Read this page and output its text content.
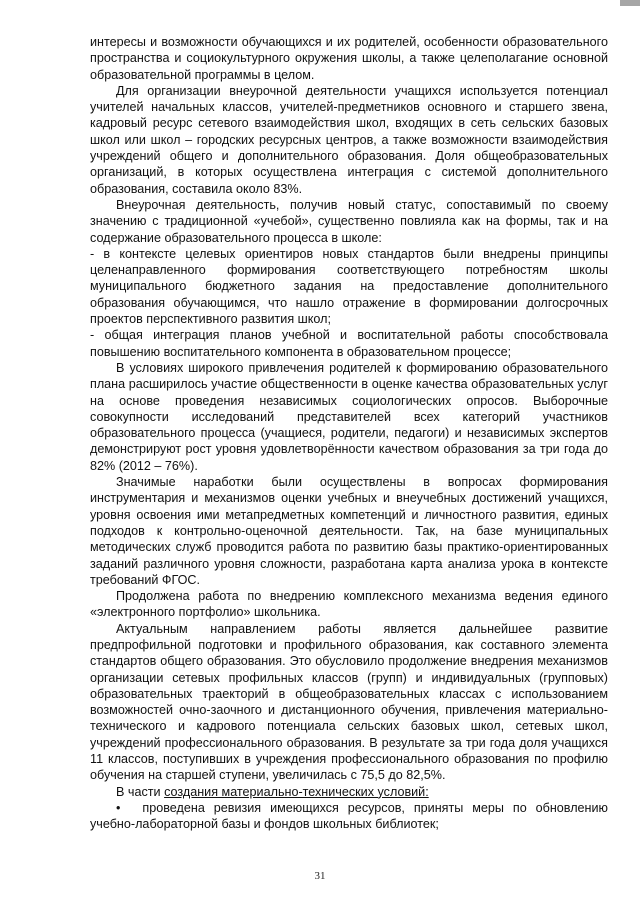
интересы и возможности обучающихся и их родителей, особенности образовательного пространства и социокультурного окружения школы, а также целеполагание основной образовательной программы в целом.

Для организации внеурочной деятельности учащихся используется потенциал учителей начальных классов, учителей-предметников основного и старшего звена, кадровый ресурс сетевого взаимодействия школ, входящих в сеть сельских базовых школ или школ – городских ресурсных центров, а также возможности взаимодействия учреждений общего и дополнительного образования. Доля общеобразовательных организаций, в которых осуществлена интеграция с системой дополнительного образования, составила около 83%.

Внеурочная деятельность, получив новый статус, сопоставимый по своему значению с традиционной «учебой», существенно повлияла как на формы, так и на содержание образовательного процесса в школе:

- в контексте целевых ориентиров новых стандартов были внедрены принципы целенаправленного формирования соответствующего потребностям школы муниципального бюджетного задания на предоставление дополнительного образования обучающимся, что нашло отражение в формировании долгосрочных проектов перспективного развития школ;

- общая интеграция планов учебной и воспитательной работы способствовала повышению воспитательного компонента в образовательном процессе;

В условиях широкого привлечения родителей к формированию образовательного плана расширилось участие общественности в оценке качества образовательных услуг на основе проведения независимых социологических опросов. Выборочные совокупности исследований представителей всех категорий участников образовательного процесса (учащиеся, родители, педагоги) и независимых экспертов демонстрируют рост уровня удовлетворённости качеством образования за три года до 82% (2012 – 76%).

Значимые наработки были осуществлены в вопросах формирования инструментария и механизмов оценки учебных и внеучебных достижений учащихся, уровня освоения ими метапредметных компетенций и личностного развития, единых подходов к контрольно-оценочной деятельности. Так, на базе муниципальных методических служб проводится работа по развитию базы практико-ориентированных заданий различного уровня сложности, разработана карта анализа урока в контексте требований ФГОС.

Продолжена работа по внедрению комплексного механизма ведения единого «электронного портфолио» школьника.

Актуальным направлением работы является дальнейшее развитие предпрофильной подготовки и профильного образования, как составного элемента стандартов общего образования. Это обусловило продолжение внедрения механизмов организации сетевых профильных классов (групп) и индивидуальных (групповых) образовательных траекторий в общеобразовательных классах с использованием возможностей очно-заочного и дистанционного обучения, привлечения материально-технического и кадрового потенциала сельских базовых школ, сетевых школ, учреждений профессионального образования. В результате за три года доля учащихся 11 классов, поступивших в учреждения профессионального образования по профилю обучения на старшей ступени, увеличилась с 75,5 до 82,5%.

В части создания материально-технических условий:

• проведена ревизия имеющихся ресурсов, приняты меры по обновлению учебно-лабораторной базы и фондов школьных библиотек;

31
